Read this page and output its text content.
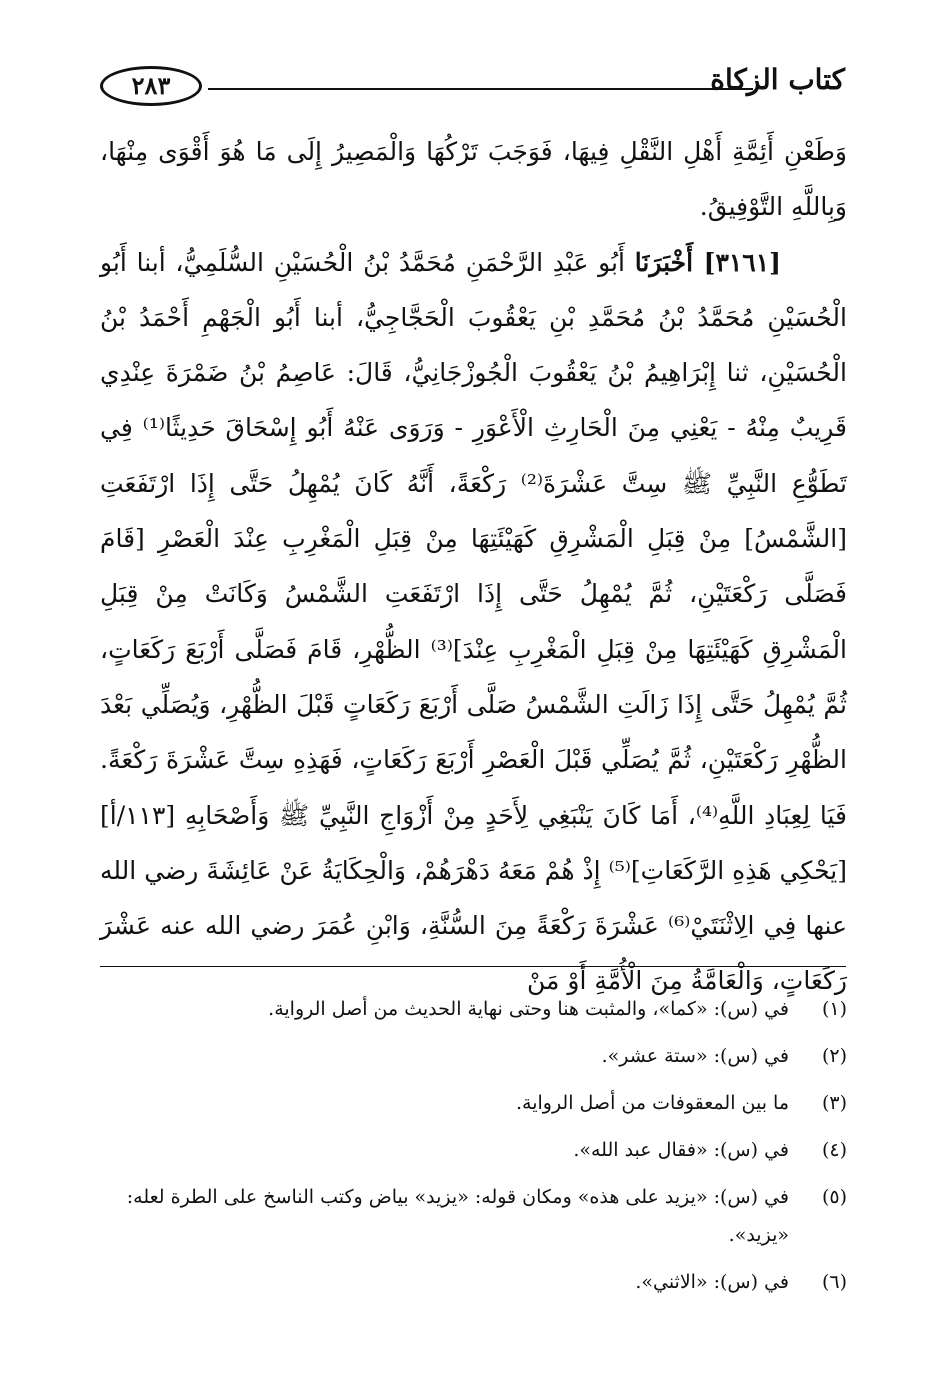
كتاب الزكاة
٢٨٣

وَطَعْنِ أَئِمَّةِ أَهْلِ النَّقْلِ فِيهَا، فَوَجَبَ تَرْكُهَا وَالْمَصِيرُ إِلَى مَا هُوَ أَقْوَى مِنْهَا، وَبِاللَّهِ التَّوْفِيقُ.

[٣١٦١] أَخْبَرَنَا أَبُو عَبْدِ الرَّحْمَنِ مُحَمَّدُ بْنُ الْحُسَيْنِ السُّلَمِيُّ، أبنا أَبُو الْحُسَيْنِ مُحَمَّدُ بْنُ مُحَمَّدِ بْنِ يَعْقُوبَ الْحَجَّاجِيُّ، أبنا أَبُو الْجَهْمِ أَحْمَدُ بْنُ الْحُسَيْنِ، ثنا إِبْرَاهِيمُ بْنُ يَعْقُوبَ الْجُوزْجَانِيُّ، قَالَ: عَاصِمُ بْنُ ضَمْرَةَ عِنْدِي قَرِيبٌ مِنْهُ - يَعْنِي مِنَ الْحَارِثِ الْأَعْوَرِ - وَرَوَى عَنْهُ أَبُو إِسْحَاقَ حَدِيثًا⁽¹⁾ فِي تَطَوُّعِ النَّبِيِّ ﷺ سِتَّ عَشْرَةَ⁽²⁾ رَكْعَةً، أَنَّهُ كَانَ يُمْهِلُ حَتَّى إِذَا ارْتَفَعَتِ [الشَّمْسُ] مِنْ قِبَلِ الْمَشْرِقِ كَهَيْئَتِهَا مِنْ قِبَلِ الْمَغْرِبِ عِنْدَ الْعَصْرِ [قَامَ فَصَلَّى رَكْعَتَيْنِ، ثُمَّ يُمْهِلُ حَتَّى إِذَا ارْتَفَعَتِ الشَّمْسُ وَكَانَتْ مِنْ قِبَلِ الْمَشْرِقِ كَهَيْئَتِهَا مِنْ قِبَلِ الْمَغْرِبِ عِنْدَ]⁽³⁾ الظُّهْرِ، قَامَ فَصَلَّى أَرْبَعَ رَكَعَاتٍ، ثُمَّ يُمْهِلُ حَتَّى إِذَا زَالَتِ الشَّمْسُ صَلَّى أَرْبَعَ رَكَعَاتٍ قَبْلَ الظُّهْرِ، وَيُصَلِّي بَعْدَ الظُّهْرِ رَكْعَتَيْنِ، ثُمَّ يُصَلِّي قَبْلَ الْعَصْرِ أَرْبَعَ رَكَعَاتٍ، فَهَذِهِ سِتَّ عَشْرَةَ رَكْعَةً. فَيَا لِعِبَادِ اللَّهِ⁽⁴⁾، أَمَا كَانَ يَنْبَغِي لِأَحَدٍ مِنْ أَزْوَاجِ النَّبِيِّ ﷺ وَأَصْحَابِهِ [١١٣/أ] [يَحْكِي هَذِهِ الرَّكَعَاتِ]⁽⁵⁾ إِذْ هُمْ مَعَهُ دَهْرَهُمْ، وَالْحِكَايَةُ عَنْ عَائِشَةَ رضي الله عنها فِي الِاثْنَتَيْ⁽⁶⁾ عَشْرَةَ رَكْعَةً مِنَ السُّنَّةِ، وَابْنِ عُمَرَ رضي الله عنه عَشْرَ رَكَعَاتٍ، وَالْعَامَّةُ مِنَ الْأُمَّةِ أَوْ مَنْ

(١)
في (س): «كما»، والمثبت هنا وحتى نهاية الحديث من أصل الرواية.
(٢)
في (س): «ستة عشر».
(٣)
ما بين المعقوفات من أصل الرواية.
(٤)
في (س): «فقال عبد الله».
(٥)
في (س): «يزيد على هذه» ومكان قوله: «يزيد» بياض وكتب الناسخ على الطرة لعله: «يزيد».
(٦)
في (س): «الاثني».
